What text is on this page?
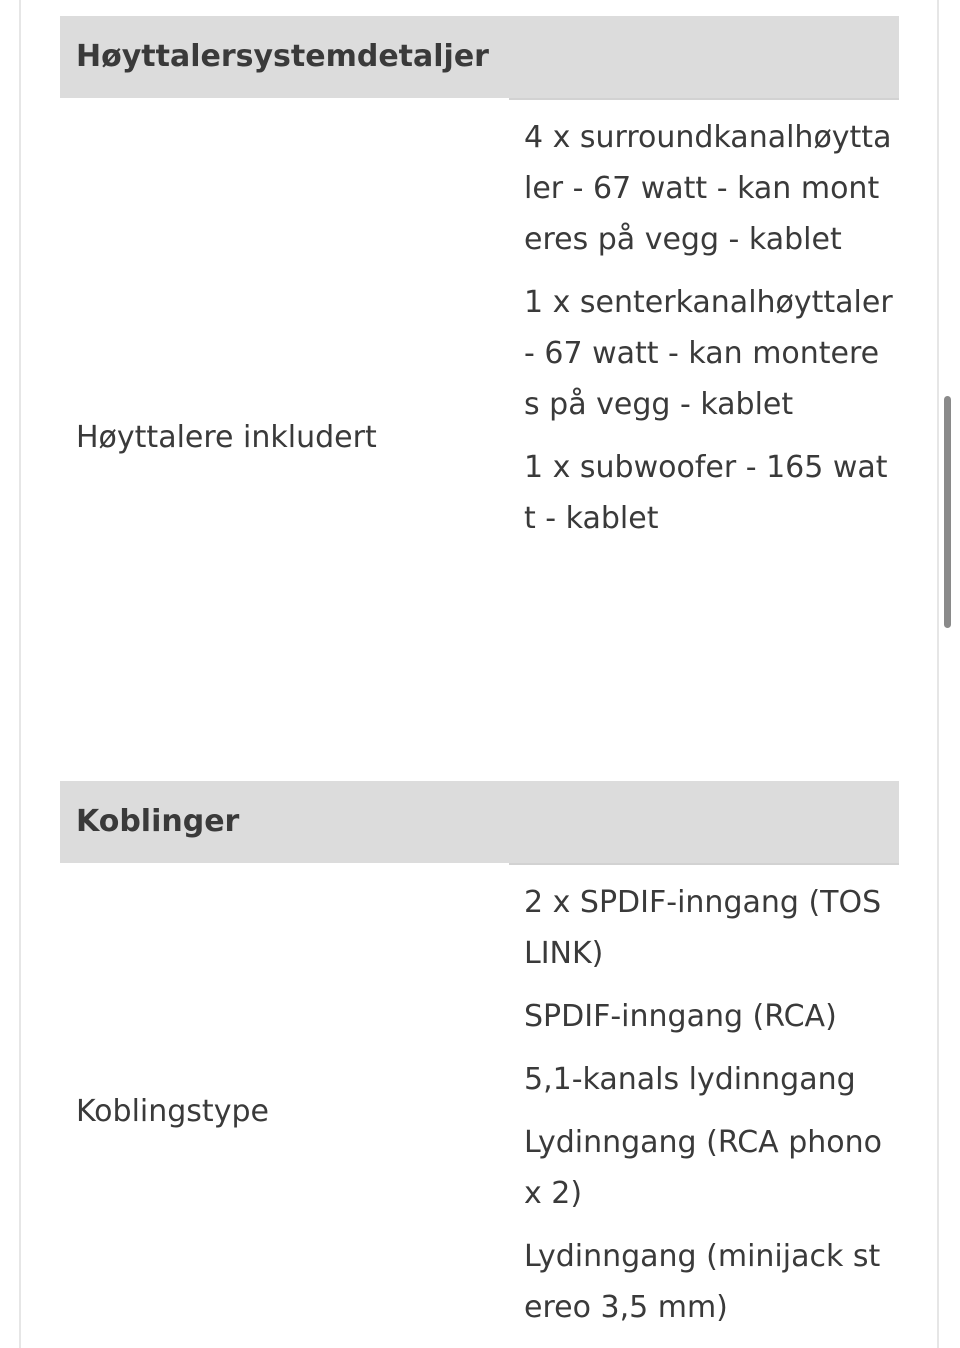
Høyttalersystemdetaljer
Høyttalere inkludert

4 x surroundkanalhøyttaler - 67 watt - kan monteres på vegg - kablet

1 x senterkanalhøyttaler - 67 watt - kan monteres på vegg - kablet

1 x subwoofer - 165 watt - kablet

Koblinger
Koblingstype

2 x SPDIF-inngang (TOSLINK)

SPDIF-inngang (RCA)

5,1-kanals lydinngang

Lydinngang (RCA phono x 2)

Lydinngang (minijack stereo 3,5 mm)
